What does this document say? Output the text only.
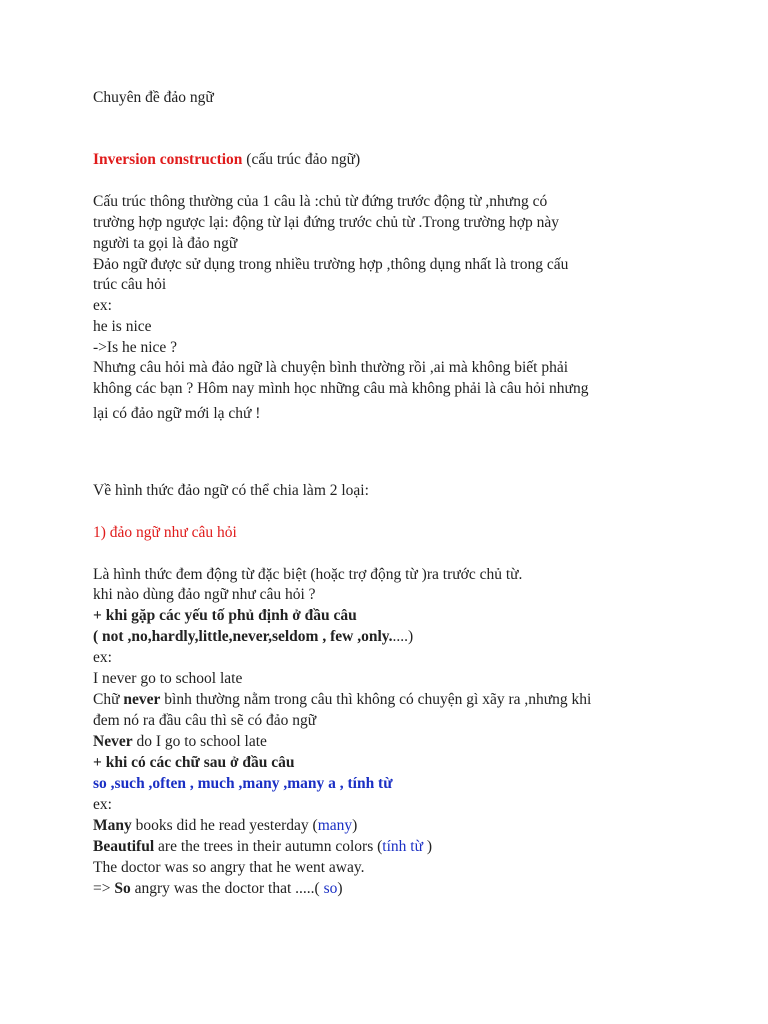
Chuyên đề đảo ngữ
Inversion construction (cấu trúc đảo ngữ)
Cấu trúc thông thường của 1 câu là :chủ từ đứng trước động từ ,nhưng có
trường hợp ngược lại: động từ lại đứng trước chủ từ .Trong trường hợp này
người ta gọi là đảo ngữ
Đảo ngữ được sử dụng trong nhiều trường hợp ,thông dụng nhất là trong cấu
trúc câu hỏi
ex:
he is nice
->Is he nice ?
Nhưng câu hỏi mà đảo ngữ là chuyện bình thường rồi ,ai mà không biết phải
không các bạn ? Hôm nay mình học những câu mà không phải là câu hỏi nhưng
lại có đảo ngữ mới lạ chứ !
Về hình thức đảo ngữ có thể chia làm 2 loại:
1) đảo ngữ như câu hỏi
Là hình thức đem động từ đặc biệt (hoặc trợ động từ )ra trước chủ từ.
khi nào dùng đảo ngữ như câu hỏi ?
+ khi gặp các yếu tố phủ định ở đầu câu
( not ,no,hardly,little,never,seldom , few ,only.....)
ex:
I never go to school late
Chữ never bình thường nằm trong câu thì không có chuyện gì xãy ra ,nhưng khi
đem nó ra đầu câu thì sẽ có đảo ngữ
Never do I go to school late
+ khi có các chữ sau ở đầu câu
so ,such ,often , much ,many ,many a , tính từ
ex:
Many books did he read yesterday (many)
Beautiful are the trees in their autumn colors (tính từ )
The doctor was so angry that he went away.
=> So angry was the doctor that .....( so)
